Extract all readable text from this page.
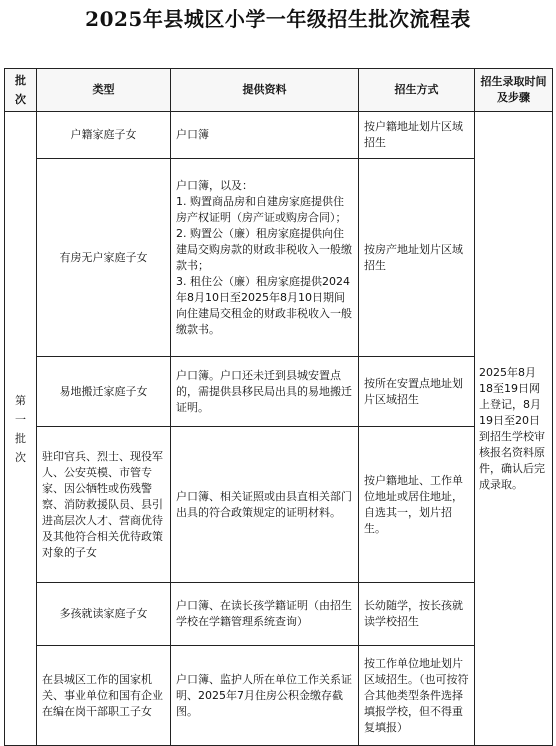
2025年县城区小学一年级招生批次流程表
批次	类型	提供资料	招生方式	招生录取时间及步骤
第一批次	户籍家庭子女	户口簿	按户籍地址划片区域招生	2025年8月18至19日网上登记，8月19日至20日到招生学校审核报名资料原件，确认后完成录取。
	有房无户家庭子女	户口簿，以及：
1. 购置商品房和自建房家庭提供住房产权证明（房产证或购房合同）；
2. 购置公（廉）租房家庭提供向住建局交购房款的财政非税收入一般缴款书；
3. 租住公（廉）租房家庭提供2024年8月10日至2025年8月10日期间向住建局交租金的财政非税收入一般缴款书。	按房产地址划片区域招生	
	易地搬迁家庭子女	户口簿。户口还未迁到县城安置点的，需提供县移民局出具的易地搬迁证明。	按所在安置点地址划片区域招生	
	驻印官兵、烈士、现役军人、公安英模、市管专家、因公牺牲或伤残警察、消防救援队员、县引进高层次人才、营商优待及其他符合相关优待政策对象的子女	户口簿、相关证照或由县直相关部门出具的符合政策规定的证明材料。	按户籍地址、工作单位地址或居住地址，自选其一，划片招生。	
	多孩就读家庭子女	户口簿、在读长孩学籍证明（由招生学校在学籍管理系统查询）	长幼随学，按长孩就读学校招生	
	在县城区工作的国家机关、事业单位和国有企业在编在岗干部职工子女	户口簿、监护人所在单位工作关系证明、2025年7月住房公积金缴存截图。	按工作单位地址划片区域招生。（也可按符合其他类型条件选择填报学校，但不得重复填报）	
